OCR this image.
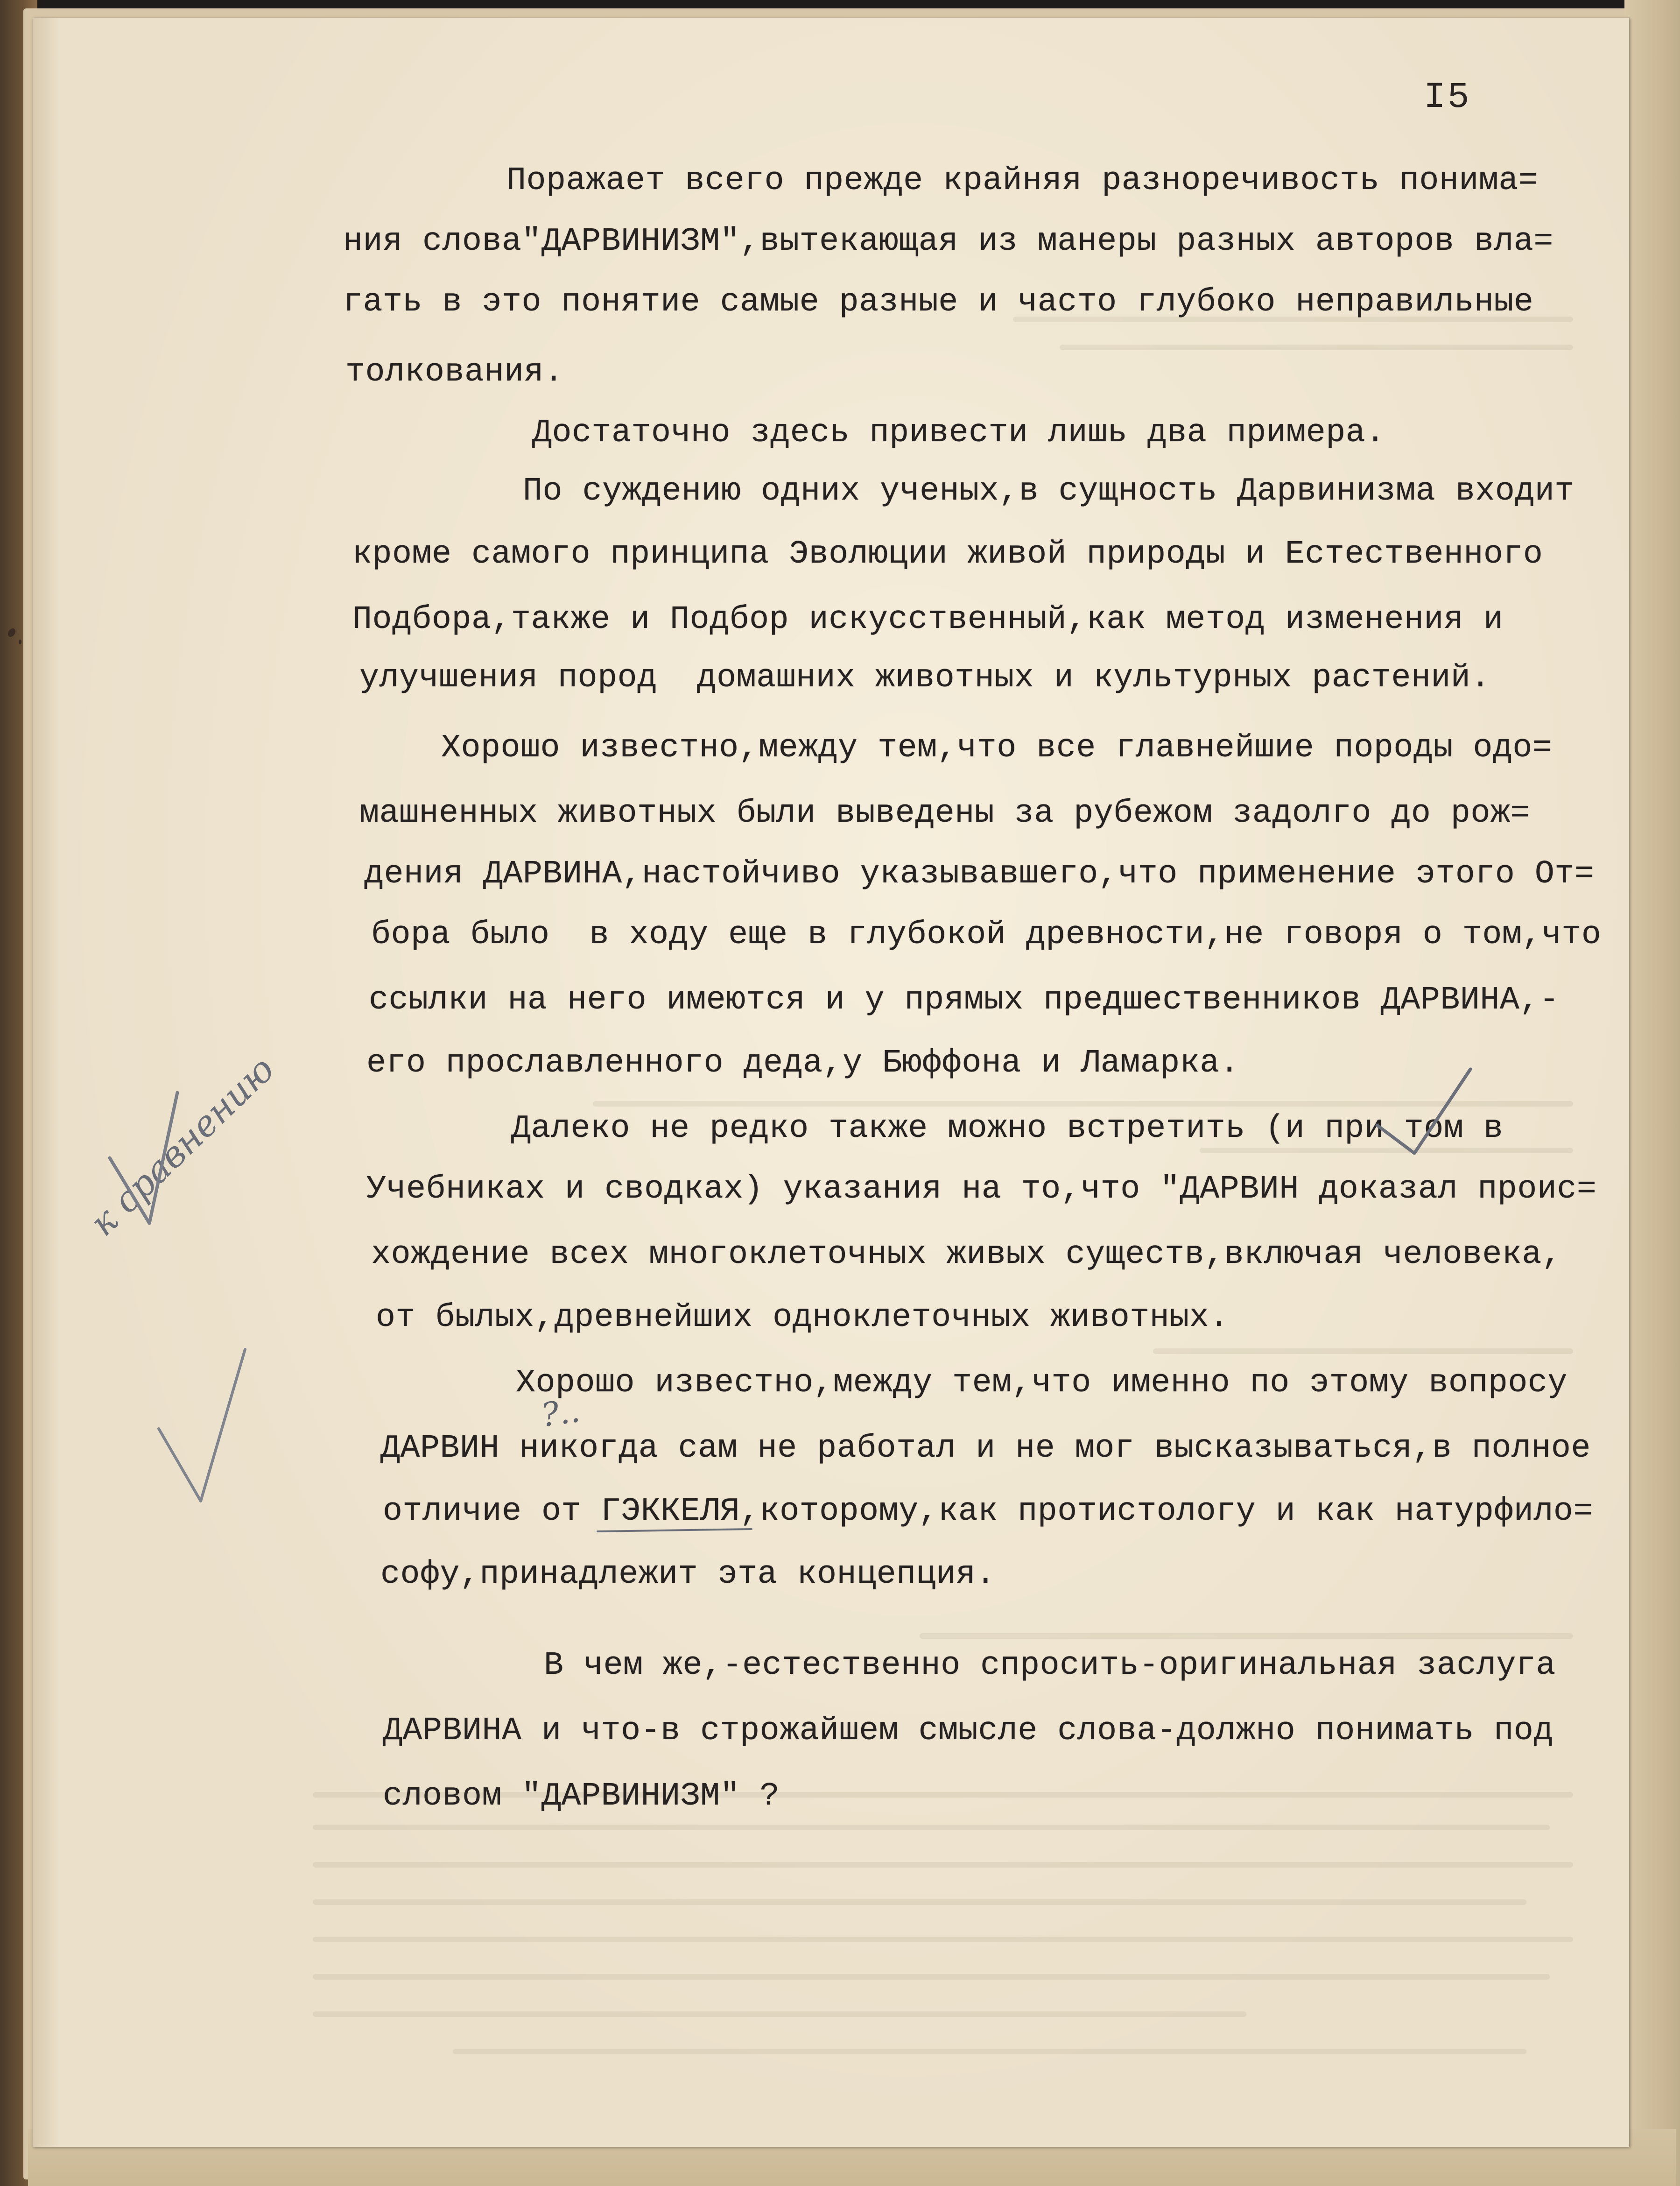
I5
Поражает всего прежде крайняя разноречивость понима=
ния слова"ДАРВИНИЗМ",вытекающая из манеры разных авторов вла=
гать в это понятие самые разные и часто глубоко неправильные
толкования.
Достаточно здесь привести лишь два примера.
По суждению одних ученых,в сущность Дарвинизма входит
кроме самого принципа Эволюции живой природы и Естественного
Подбора,также и Подбор искусственный,как метод изменения и
улучшения пород  домашних животных и культурных растений.
Хорошо известно,между тем,что все главнейшие породы одо=
машненных животных были выведены за рубежом задолго до рож=
дения ДАРВИНА,настойчиво указывавшего,что применение этого От=
бора было  в ходу еще в глубокой древности,не говоря о том,что
ссылки на него имеются и у прямых предшественников ДАРВИНА,-
его прославленного деда,у Бюффона и Ламарка.
Далеко не редко также можно встретить (и при том в
Учебниках и сводках) указания на то,что "ДАРВИН доказал проис=
хождение всех многоклеточных живых существ,включая человека,
от былых,древнейших одноклеточных животных.
Хорошо известно,между тем,что именно по этому вопросу
ДАРВИН никогда сам не работал и не мог высказываться,в полное
отличие от ГЭККЕЛЯ,которому,как протистологу и как натурфило=
софу,принадлежит эта концепция.
В чем же,-естественно спросить-оригинальная заслуга
ДАРВИНА и что-в строжайшем смысле слова-должно понимать под
словом "ДАРВИНИЗМ" ?
к сравнению
?..
